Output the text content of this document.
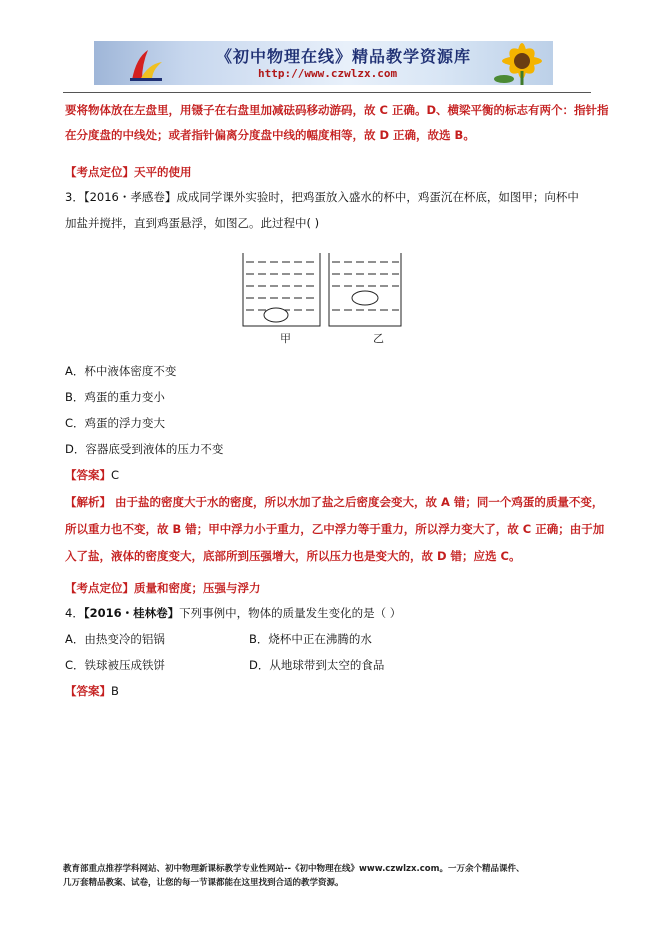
《初中物理在线》精品教学资源库
http://www.czwlzx.com
要将物体放在左盘里，用镊子在右盘里加减砝码移动游码，故 C 正确。D、横梁平衡的标志有两个：指针指
在分度盘的中线处；或者指针偏离分度盘中线的幅度相等，故 D 正确，故选 B。
【考点定位】天平的使用
3．【2016・孝感卷】成成同学课外实验时，把鸡蛋放入盛水的杯中，鸡蛋沉在杯底，如图甲；向杯中
加盐并搅拌，直到鸡蛋悬浮，如图乙。此过程中( )
甲	乙
A．杯中液体密度不变
B．鸡蛋的重力变小
C．鸡蛋的浮力变大
D．容器底受到液体的压力不变
【答案】C
【解析】 由于盐的密度大于水的密度，所以水加了盐之后密度会变大，故 A 错；同一个鸡蛋的质量不变，
所以重力也不变，故 B 错；甲中浮力小于重力，乙中浮力等于重力，所以浮力变大了，故 C 正确；由于加
入了盐，液体的密度变大，底部所到压强增大，所以压力也是变大的，故 D 错；应选 C。
【考点定位】质量和密度；压强与浮力
4．【2016・桂林卷】下列事例中，物体的质量发生变化的是（ ）
A．由热变冷的铝锅	B．烧杯中正在沸腾的水
C．铁球被压成铁饼	D．从地球带到太空的食品
【答案】B
教育部重点推荐学科网站、初中物理新课标教学专业性网站--《初中物理在线》www.czwlzx.com。一万余个精品课件、
几万套精品教案、试卷，让您的每一节课都能在这里找到合适的教学资源。
